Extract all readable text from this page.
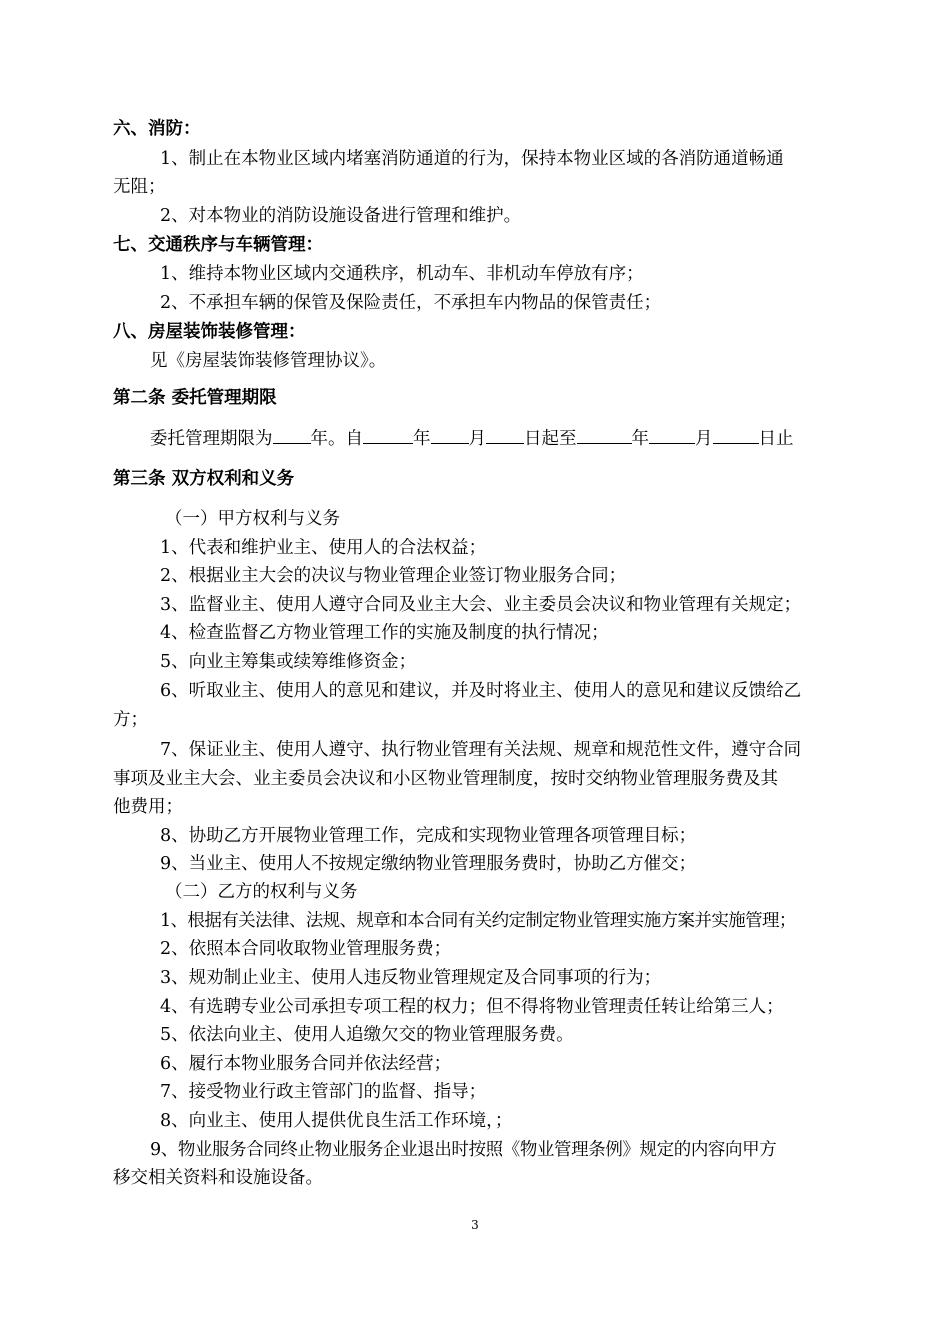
六、消防：
1、制止在本物业区域内堵塞消防通道的行为，保持本物业区域的各消防通道畅通
无阻；
2、对本物业的消防设施设备进行管理和维护。
七、交通秩序与车辆管理：
1、维持本物业区域内交通秩序，机动车、非机动车停放有序；
2、不承担车辆的保管及保险责任，不承担车内物品的保管责任；
八、房屋装饰装修管理：
见《房屋装饰装修管理协议》。
第二条 委托管理期限
委托管理期限为 年。自	年 月 日起至	年	月	日止
第三条 双方权利和义务
（一）甲方权利与义务
1、代表和维护业主、使用人的合法权益；
2、根据业主大会的决议与物业管理企业签订物业服务合同；
3、监督业主、使用人遵守合同及业主大会、业主委员会决议和物业管理有关规定；
4、检查监督乙方物业管理工作的实施及制度的执行情况；
5、向业主筹集或续筹维修资金；
6、听取业主、使用人的意见和建议，并及时将业主、使用人的意见和建议反馈给乙
方；
7、保证业主、使用人遵守、执行物业管理有关法规、规章和规范性文件，遵守合同
事项及业主大会、业主委员会决议和小区物业管理制度，按时交纳物业管理服务费及其
他费用；
8、协助乙方开展物业管理工作，完成和实现物业管理各项管理目标；
9、当业主、使用人不按规定缴纳物业管理服务费时，协助乙方催交；
（二）乙方的权利与义务
1、根据有关法律、法规、规章和本合同有关约定制定物业管理实施方案并实施管理；
2、依照本合同收取物业管理服务费；
3、规劝制止业主、使用人违反物业管理规定及合同事项的行为；
4、有选聘专业公司承担专项工程的权力；但不得将物业管理责任转让给第三人；
5、依法向业主、使用人追缴欠交的物业管理服务费。
6、履行本物业服务合同并依法经营；
7、接受物业行政主管部门的监督、指导；
8、向业主、使用人提供优良生活工作环境，；
9、物业服务合同终止物业服务企业退出时按照《物业管理条例》规定的内容向甲方
移交相关资料和设施设备。
3
